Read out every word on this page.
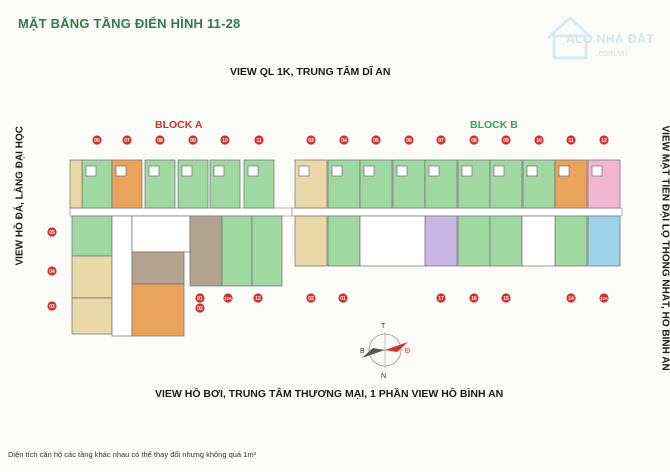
MẶT BẰNG TẦNG ĐIỂN HÌNH 11-28
ALO NHÀ ĐẤT
.com.vn
VIEW QL 1K, TRUNG TÂM DĨ AN
VIEW HỒ BƠI, TRUNG TÂM THƯƠNG MẠI, 1 PHẦN VIEW HỒ BÌNH AN
VIEW HỒ ĐÁ, LÀNG ĐẠI HỌC	VIEW MẶT TIỀN ĐẠI LỘ THỐNG NHẤT, HỒ BÌNH AN
06	07	08	09	10	11
05
04
03
01	12A	12
02
03	04	05	06	07	08	09	10	11	12
02	01	17	16	15	14	12A
T
N
B	Đ
BLOCK A	BLOCK B
Diện tích căn hộ các tầng khác nhau có thể thay đổi nhưng không quá 1m²
